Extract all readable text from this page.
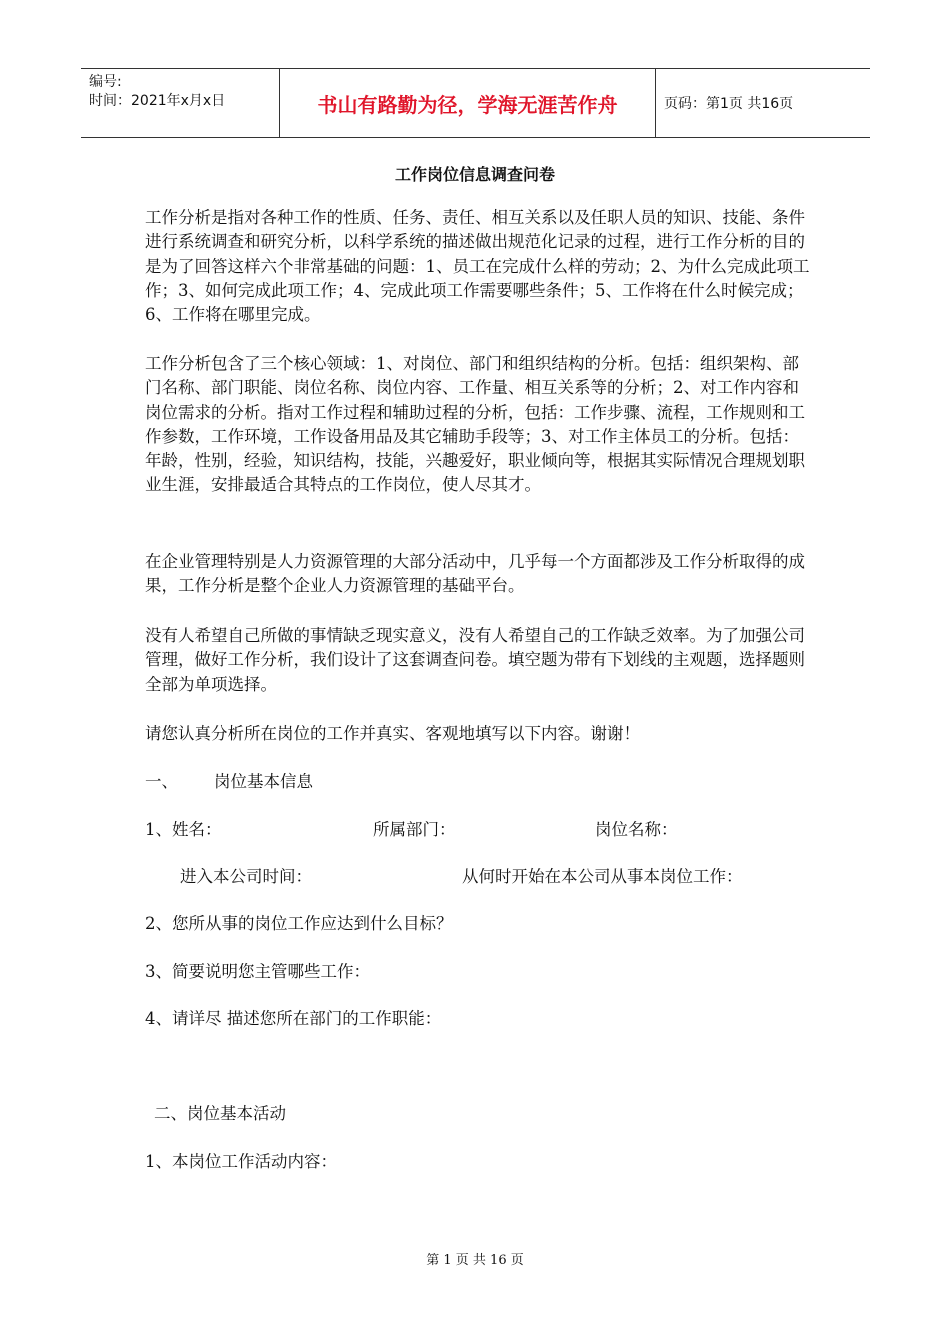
编号:
时间：2021年x月x日	书山有路勤为径，学海无涯苦作舟	页码：第1页 共16页
工作岗位信息调查问卷

工作分析是指对各种工作的性质、任务、责任、相互关系以及任职人员的知识、技能、条件进行系统调查和研究分析，以科学系统的描述做出规范化记录的过程，进行工作分析的目的是为了回答这样六个非常基础的问题：1、员工在完成什么样的劳动；2、为什么完成此项工作；3、如何完成此项工作；4、完成此项工作需要哪些条件；5、工作将在什么时候完成；6、工作将在哪里完成。

工作分析包含了三个核心领域：1、对岗位、部门和组织结构的分析。包括：组织架构、部门名称、部门职能、岗位名称、岗位内容、工作量、相互关系等的分析；2、对工作内容和岗位需求的分析。指对工作过程和辅助过程的分析，包括：工作步骤、流程，工作规则和工作参数，工作环境，工作设备用品及其它辅助手段等；3、对工作主体员工的分析。包括：年龄，性别，经验，知识结构，技能，兴趣爱好，职业倾向等，根据其实际情况合理规划职业生涯，安排最适合其特点的工作岗位，使人尽其才。

在企业管理特别是人力资源管理的大部分活动中，几乎每一个方面都涉及工作分析取得的成果，工作分析是整个企业人力资源管理的基础平台。

没有人希望自己所做的事情缺乏现实意义，没有人希望自己的工作缺乏效率。为了加强公司管理，做好工作分析，我们设计了这套调查问卷。填空题为带有下划线的主观题，选择题则全部为单项选择。

请您认真分析所在岗位的工作并真实、客观地填写以下内容。谢谢！

一、 岗位基本信息
1、姓名：	所属部门：	岗位名称：
进入本公司时间：	从何时开始在本公司从事本岗位工作：
2、您所从事的岗位工作应达到什么目标？
3、简要说明您主管哪些工作：
4、请详尽 描述您所在部门的工作职能：
二、岗位基本活动
1、本岗位工作活动内容：
第 1 页 共 16 页
